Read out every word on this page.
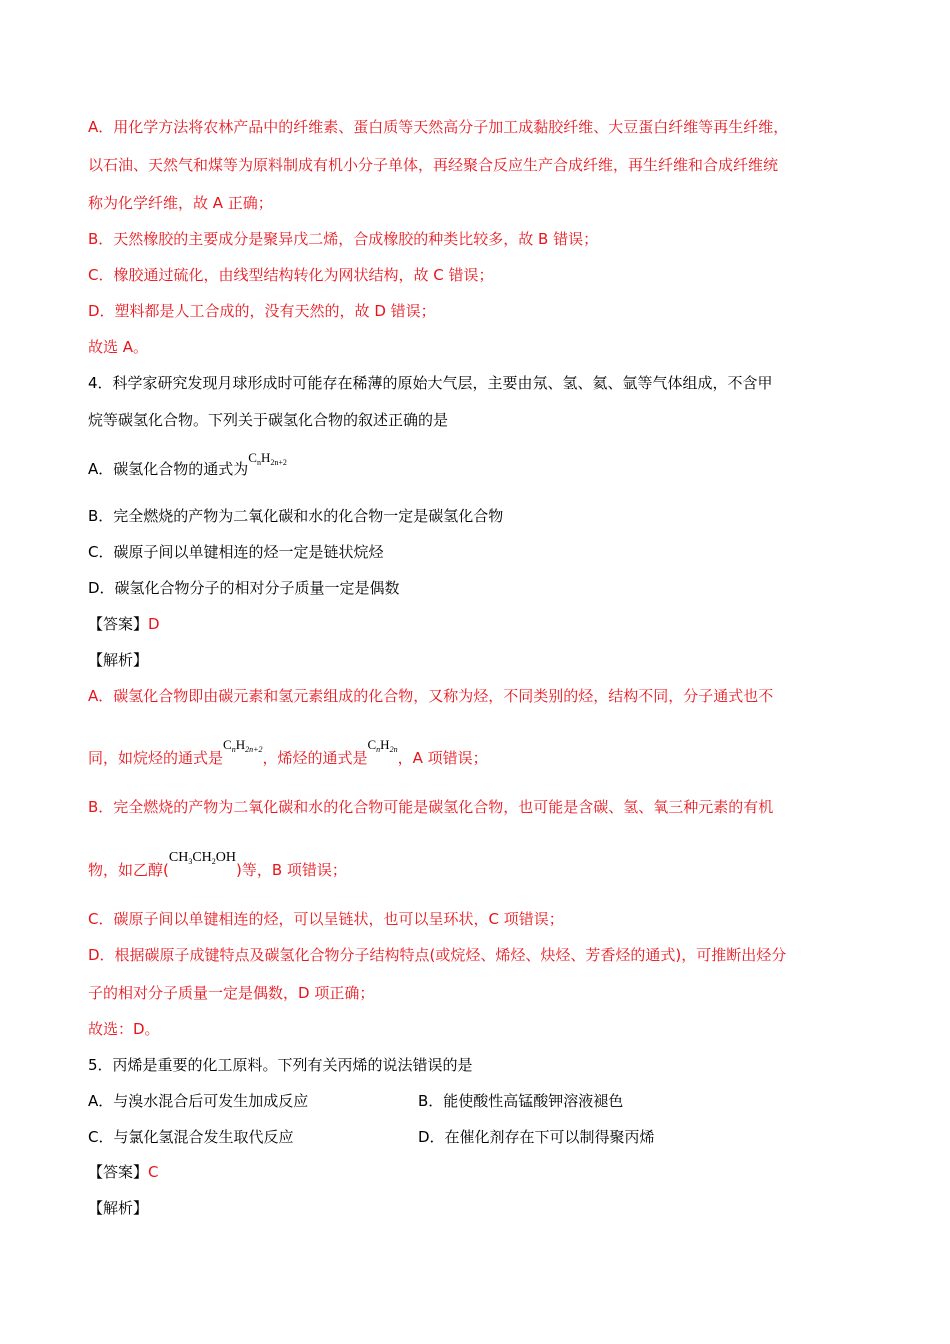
A．用化学方法将农林产品中的纤维素、蛋白质等天然高分子加工成黏胶纤维、大豆蛋白纤维等再生纤维，
以石油、天然气和煤等为原料制成有机小分子单体，再经聚合反应生产合成纤维，再生纤维和合成纤维统
称为化学纤维，故 A 正确；
B．天然橡胶的主要成分是聚异戊二烯，合成橡胶的种类比较多，故 B 错误；
C．橡胶通过硫化，由线型结构转化为网状结构，故 C 错误；
D．塑料都是人工合成的，没有天然的，故 D 错误；
故选 A。
4．科学家研究发现月球形成时可能存在稀薄的原始大气层，主要由氖、氢、氦、氩等气体组成，不含甲
烷等碳氢化合物。下列关于碳氢化合物的叙述正确的是
A．碳氢化合物的通式为$C_nH_{2n+2}$
B．完全燃烧的产物为二氧化碳和水的化合物一定是碳氢化合物
C．碳原子间以单键相连的烃一定是链状烷烃
D．碳氢化合物分子的相对分子质量一定是偶数
【答案】D
【解析】
A．碳氢化合物即由碳元素和氢元素组成的化合物，又称为烃，不同类别的烃，结构不同，分子通式也不
同，如烷烃的通式是$C_nH_{2n+2}$，烯烃的通式是$C_nH_{2n}$，A 项错误；
B．完全燃烧的产物为二氧化碳和水的化合物可能是碳氢化合物，也可能是含碳、氢、氧三种元素的有机
物，如乙醇$(CH_3CH_2OH)$等，B 项错误；
C．碳原子间以单键相连的烃，可以呈链状，也可以呈环状，C 项错误；
D．根据碳原子成键特点及碳氢化合物分子结构特点(或烷烃、烯烃、炔烃、芳香烃的通式)，可推断出烃分
子的相对分子质量一定是偶数，D 项正确；
故选：D。
5．丙烯是重要的化工原料。下列有关丙烯的说法错误的是
A．与溴水混合后可发生加成反应	B．能使酸性高锰酸钾溶液褪色
C．与氯化氢混合发生取代反应	D．在催化剂存在下可以制得聚丙烯
【答案】C
【解析】
